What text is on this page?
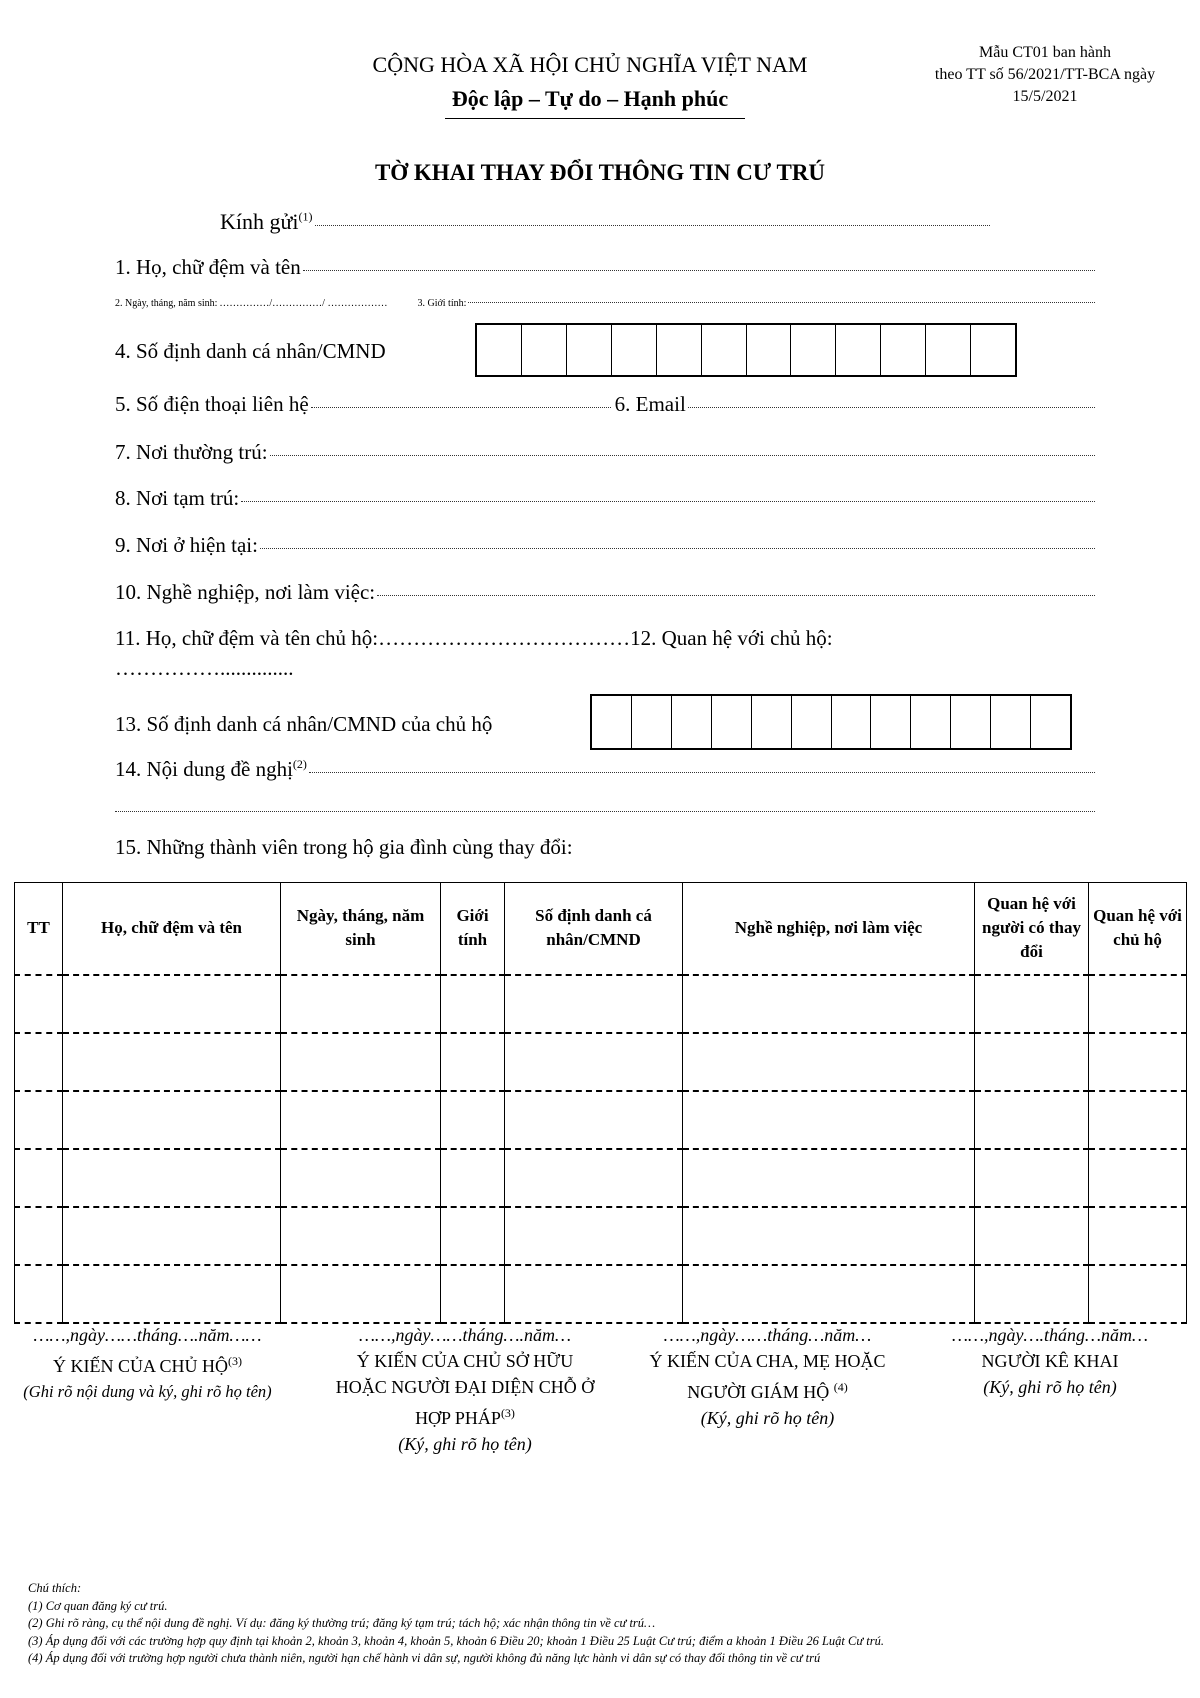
CỘNG HÒA XÃ HỘI CHỦ NGHĨA VIỆT NAM
Độc lập – Tự do – Hạnh phúc
Mẫu CT01 ban hành
theo TT số 56/2021/TT-BCA ngày
15/5/2021
TỜ KHAI THAY ĐỔI THÔNG TIN CƯ TRÚ
Kính gửi$^{(1)}$
1. Họ, chữ đệm và tên
2. Ngày, tháng, năm sinh: ……………/……………/ ………………	3. Giới tính:
4. Số định danh cá nhân/CMND
5. Số điện thoại liên hệ	6. Email
7. Nơi thường trú:
8. Nơi tạm trú:
9. Nơi ở hiện tại:
10. Nghề nghiệp, nơi làm việc:
11. Họ, chữ đệm và tên chủ hộ:………………………………12. Quan hệ với chủ hộ:
……………..............
13. Số định danh cá nhân/CMND của chủ hộ
14. Nội dung đề nghị$^{(2)}$
15. Những thành viên trong hộ gia đình cùng thay đổi:
TT	Họ, chữ đệm và tên	Ngày, tháng, năm sinh	Giới tính	Số định danh cá nhân/CMND	Nghề nghiệp, nơi làm việc	Quan hệ với người có thay đổi	Quan hệ với chủ hộ

……,ngày……tháng….năm……
Ý KIẾN CỦA CHỦ HỘ$^{(3)}$
(Ghi rõ nội dung và ký, ghi rõ họ tên)
……,ngày……tháng….năm…
Ý KIẾN CỦA CHỦ SỞ HỮU HOẶC NGƯỜI ĐẠI DIỆN CHỖ Ở HỢP PHÁP$^{(3)}$
(Ký, ghi rõ họ tên)
……,ngày……tháng…năm…
Ý KIẾN CỦA CHA, MẸ HOẶC NGƯỜI GIÁM HỘ $^{(4)}$
(Ký, ghi rõ họ tên)
……,ngày….tháng…năm…
NGƯỜI KÊ KHAI
(Ký, ghi rõ họ tên)
Chú thích:
(1) Cơ quan đăng ký cư trú.
(2) Ghi rõ ràng, cụ thể nội dung đề nghị. Ví dụ: đăng ký thường trú; đăng ký tạm trú; tách hộ; xác nhận thông tin về cư trú…
(3) Áp dụng đối với các trường hợp quy định tại khoản 2, khoản 3, khoản 4, khoản 5, khoản 6 Điều 20; khoản 1 Điều 25 Luật Cư trú; điểm a khoản 1 Điều 26 Luật Cư trú.
(4) Áp dụng đối với trường hợp người chưa thành niên, người hạn chế hành vi dân sự, người không đủ năng lực hành vi dân sự có thay đổi thông tin về cư trú
